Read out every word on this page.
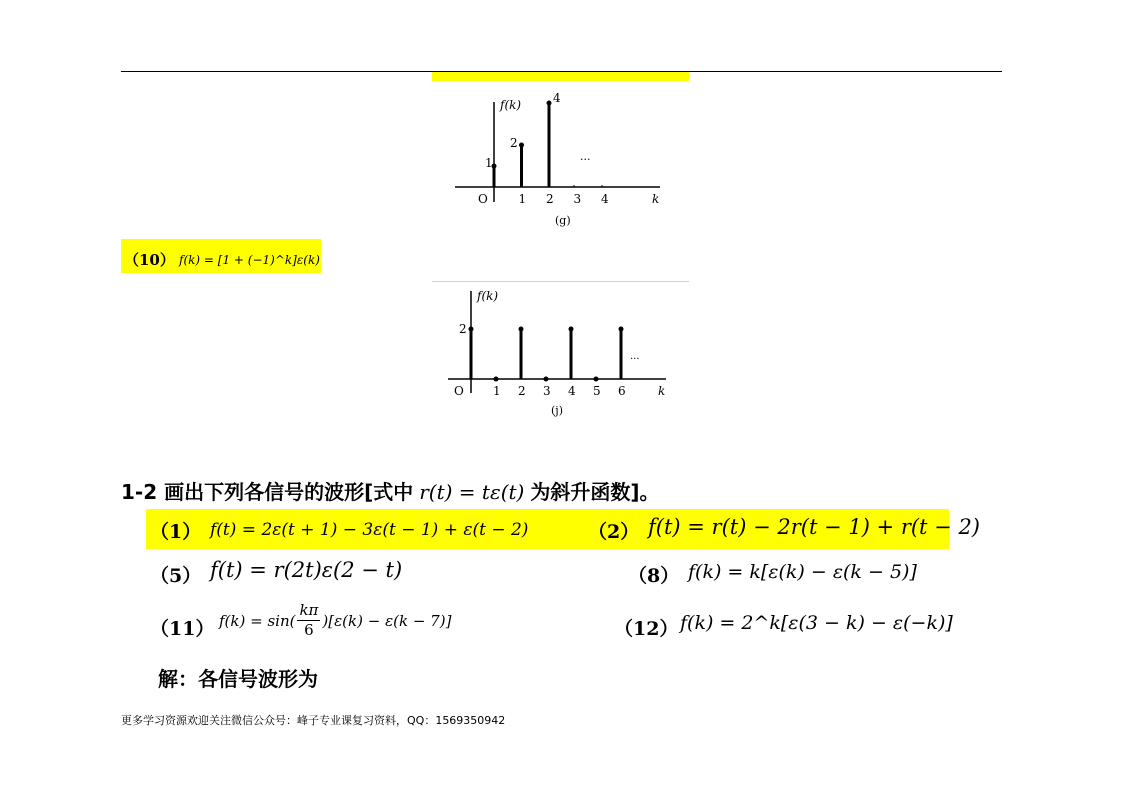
f(k)
O	1 2 3 4	k
(g)
...
1
2
4
（10） f(k) = [1 + (−1)^k]ε(k)
f(k)
2
O 1 2 3 4 5 6	k
(j)
...
1-2 画出下列各信号的波形[式中 r(t) = tε(t) 为斜升函数]。
（1） f(t) = 2ε(t + 1) − 3ε(t − 1) + ε(t − 2)	（2） f(t) = r(t) − 2r(t − 1) + r(t − 2)
（5） f(t) = r(2t)ε(2 − t)	（8） f(k) = k[ε(k) − ε(k − 5)]
（11） $f(k) = \sin( \frac{k\pi}{6} )[\varepsilon(k) - \varepsilon(k - 7)]$	（12） f(k) = 2^k[ε(3 − k) − ε(−k)]
解：各信号波形为
更多学习资源欢迎关注微信公众号：峰子专业课复习资料，QQ：1569350942
